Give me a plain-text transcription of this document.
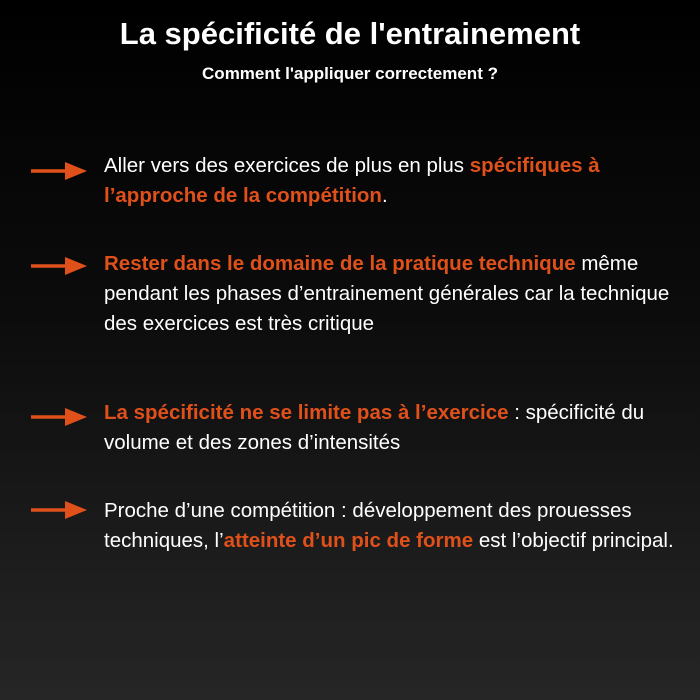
La spécificité de l'entrainement
Comment l'appliquer correctement ?

Aller vers des exercices de plus en plus spécifiques à l’approche de la compétition.

Rester dans le domaine de la pratique technique même pendant les phases d’entrainement générales car la technique des exercices est très critique

La spécificité ne se limite pas à l’exercice : spécificité du volume et des zones d’intensités

Proche d’une compétition : développement des prouesses techniques, l’atteinte d’un pic de forme est l’objectif principal.
